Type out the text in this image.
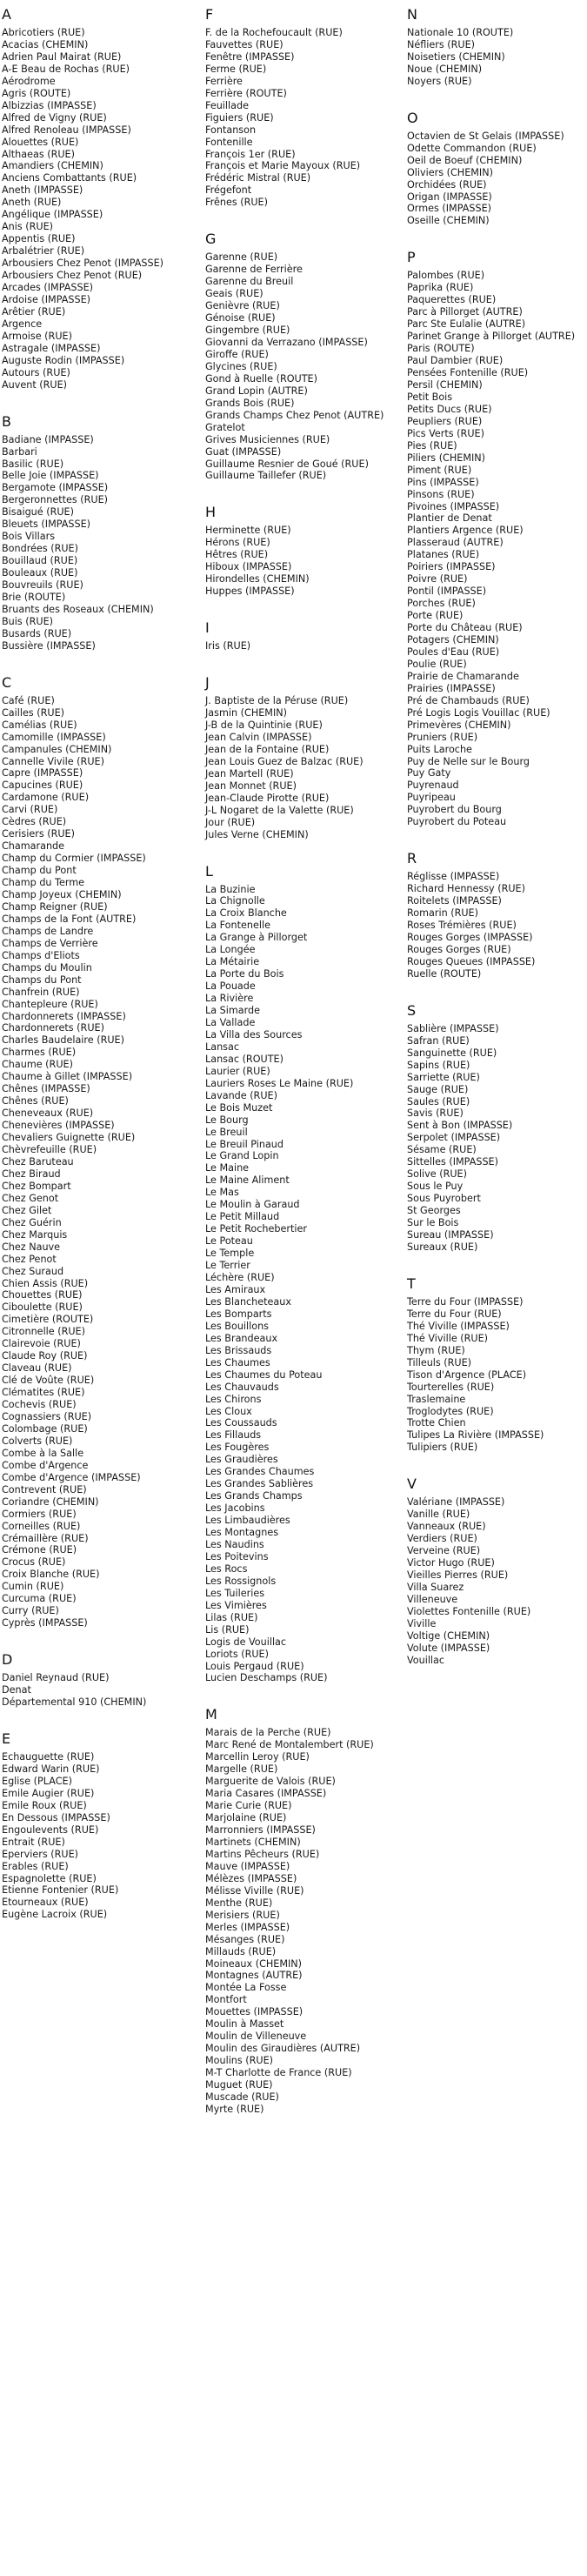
A
Abricotiers (RUE)
Acacias (CHEMIN)
Adrien Paul Mairat (RUE)
A-E Beau de Rochas (RUE)
Aérodrome
Agris (ROUTE)
Albizzias (IMPASSE)
Alfred de Vigny (RUE)
Alfred Renoleau (IMPASSE)
Alouettes (RUE)
Althaeas (RUE)
Amandiers (CHEMIN)
Anciens Combattants (RUE)
Aneth (IMPASSE)
Aneth (RUE)
Angélique (IMPASSE)
Anis (RUE)
Appentis (RUE)
Arbalétrier (RUE)
Arbousiers Chez Penot (IMPASSE)
Arbousiers Chez Penot (RUE)
Arcades (IMPASSE)
Ardoise (IMPASSE)
Arêtier (RUE)
Argence
Armoise (RUE)
Astragale (IMPASSE)
Auguste Rodin (IMPASSE)
Autours (RUE)
Auvent (RUE)
B
Badiane (IMPASSE)
Barbari
Basilic (RUE)
Belle Joie (IMPASSE)
Bergamote (IMPASSE)
Bergeronnettes (RUE)
Bisaigué (RUE)
Bleuets (IMPASSE)
Bois Villars
Bondrées (RUE)
Bouillaud (RUE)
Bouleaux (RUE)
Bouvreuils (RUE)
Brie (ROUTE)
Bruants des Roseaux (CHEMIN)
Buis (RUE)
Busards (RUE)
Bussière (IMPASSE)
C
Café (RUE)
Cailles (RUE)
Camélias (RUE)
Camomille (IMPASSE)
Campanules (CHEMIN)
Cannelle Vivile (RUE)
Capre (IMPASSE)
Capucines (RUE)
Cardamone (RUE)
Carvi (RUE)
Cèdres (RUE)
Cerisiers (RUE)
Chamarande
Champ du Cormier (IMPASSE)
Champ du Pont
Champ du Terme
Champ Joyeux (CHEMIN)
Champ Reigner (RUE)
Champs de la Font (AUTRE)
Champs de Landre
Champs de Verrière
Champs d'Eliots
Champs du Moulin
Champs du Pont
Chanfrein (RUE)
Chantepleure (RUE)
Chardonnerets (IMPASSE)
Chardonnerets (RUE)
Charles Baudelaire (RUE)
Charmes (RUE)
Chaume (RUE)
Chaume à Gillet (IMPASSE)
Chênes (IMPASSE)
Chênes (RUE)
Cheneveaux (RUE)
Chenevières (IMPASSE)
Chevaliers Guignette (RUE)
Chèvrefeuille (RUE)
Chez Baruteau
Chez Biraud
Chez Bompart
Chez Genot
Chez Gilet
Chez Guérin
Chez Marquis
Chez Nauve
Chez Penot
Chez Suraud
Chien Assis (RUE)
Chouettes (RUE)
Ciboulette (RUE)
Cimetière (ROUTE)
Citronnelle (RUE)
Clairevoie (RUE)
Claude Roy (RUE)
Claveau (RUE)
Clé de Voûte (RUE)
Clématites (RUE)
Cochevis (RUE)
Cognassiers (RUE)
Colombage (RUE)
Colverts (RUE)
Combe à la Salle
Combe d'Argence
Combe d'Argence (IMPASSE)
Contrevent (RUE)
Coriandre (CHEMIN)
Cormiers (RUE)
Corneilles (RUE)
Crémaillère (RUE)
Crémone (RUE)
Crocus (RUE)
Croix Blanche (RUE)
Cumin (RUE)
Curcuma (RUE)
Curry (RUE)
Cyprès (IMPASSE)
D
Daniel Reynaud (RUE)
Denat
Départemental 910 (CHEMIN)
E
Echauguette (RUE)
Edward Warin (RUE)
Eglise (PLACE)
Emile Augier (RUE)
Emile Roux (RUE)
En Dessous (IMPASSE)
Engoulevents (RUE)
Entrait (RUE)
Eperviers (RUE)
Erables (RUE)
Espagnolette (RUE)
Etienne Fontenier (RUE)
Etourneaux (RUE)
Eugène Lacroix (RUE)
F
F. de la Rochefoucault (RUE)
Fauvettes (RUE)
Fenêtre (IMPASSE)
Ferme (RUE)
Ferrière
Ferrière (ROUTE)
Feuillade
Figuiers (RUE)
Fontanson
Fontenille
François 1er (RUE)
François et Marie Mayoux (RUE)
Frédéric Mistral (RUE)
Frégefont
Frênes (RUE)
G
Garenne (RUE)
Garenne de Ferrière
Garenne du Breuil
Geais (RUE)
Genièvre (RUE)
Génoise (RUE)
Gingembre (RUE)
Giovanni da Verrazano (IMPASSE)
Giroffe (RUE)
Glycines (RUE)
Gond à Ruelle (ROUTE)
Grand Lopin (AUTRE)
Grands Bois (RUE)
Grands Champs Chez Penot (AUTRE)
Gratelot
Grives Musiciennes (RUE)
Guat (IMPASSE)
Guillaume Resnier de Goué (RUE)
Guillaume Taillefer (RUE)
H
Herminette (RUE)
Hérons (RUE)
Hêtres (RUE)
Hiboux (IMPASSE)
Hirondelles (CHEMIN)
Huppes (IMPASSE)
I
Iris (RUE)
J
J. Baptiste de la Péruse (RUE)
Jasmin (CHEMIN)
J-B de la Quintinie (RUE)
Jean Calvin (IMPASSE)
Jean de la Fontaine (RUE)
Jean Louis Guez de Balzac (RUE)
Jean Martell (RUE)
Jean Monnet (RUE)
Jean-Claude Pirotte (RUE)
J-L Nogaret de la Valette (RUE)
Jour (RUE)
Jules Verne (CHEMIN)
L
La Buzinie
La Chignolle
La Croix Blanche
La Fontenelle
La Grange à Pillorget
La Longée
La Métairie
La Porte du Bois
La Pouade
La Rivière
La Simarde
La Vallade
La Villa des Sources
Lansac
Lansac (ROUTE)
Laurier (RUE)
Lauriers Roses Le Maine (RUE)
Lavande (RUE)
Le Bois Muzet
Le Bourg
Le Breuil
Le Breuil Pinaud
Le Grand Lopin
Le Maine
Le Maine Aliment
Le Mas
Le Moulin à Garaud
Le Petit Millaud
Le Petit Rochebertier
Le Poteau
Le Temple
Le Terrier
Léchère (RUE)
Les Amiraux
Les Blancheteaux
Les Bomparts
Les Bouillons
Les Brandeaux
Les Brissauds
Les Chaumes
Les Chaumes du Poteau
Les Chauvauds
Les Chirons
Les Cloux
Les Coussauds
Les Fillauds
Les Fougères
Les Graudières
Les Grandes Chaumes
Les Grandes Sablières
Les Grands Champs
Les Jacobins
Les Limbaudières
Les Montagnes
Les Naudins
Les Poitevins
Les Rocs
Les Rossignols
Les Tuileries
Les Vimières
Lilas (RUE)
Lis (RUE)
Logis de Vouillac
Loriots (RUE)
Louis Pergaud (RUE)
Lucien Deschamps (RUE)
M
Marais de la Perche (RUE)
Marc René de Montalembert (RUE)
Marcellin Leroy (RUE)
Margelle (RUE)
Marguerite de Valois (RUE)
Maria Casares (IMPASSE)
Marie Curie (RUE)
Marjolaine (RUE)
Marronniers (IMPASSE)
Martinets (CHEMIN)
Martins Pêcheurs (RUE)
Mauve (IMPASSE)
Mélèzes (IMPASSE)
Mélisse Viville (RUE)
Menthe (RUE)
Merisiers (RUE)
Merles (IMPASSE)
Mésanges (RUE)
Millauds (RUE)
Moineaux (CHEMIN)
Montagnes (AUTRE)
Montée La Fosse
Montfort
Mouettes (IMPASSE)
Moulin à Masset
Moulin de Villeneuve
Moulin des Giraudières (AUTRE)
Moulins (RUE)
M-T Charlotte de France (RUE)
Muguet (RUE)
Muscade (RUE)
Myrte (RUE)
N
Nationale 10 (ROUTE)
Néfliers (RUE)
Noisetiers (CHEMIN)
Noue (CHEMIN)
Noyers (RUE)
O
Octavien de St Gelais (IMPASSE)
Odette Commandon (RUE)
Oeil de Boeuf (CHEMIN)
Oliviers (CHEMIN)
Orchidées (RUE)
Origan (IMPASSE)
Ormes (IMPASSE)
Oseille (CHEMIN)
P
Palombes (RUE)
Paprika (RUE)
Paquerettes (RUE)
Parc à Pillorget (AUTRE)
Parc Ste Eulalie (AUTRE)
Parinet Grange à Pillorget (AUTRE)
Paris (ROUTE)
Paul Dambier (RUE)
Pensées Fontenille (RUE)
Persil (CHEMIN)
Petit Bois
Petits Ducs (RUE)
Peupliers (RUE)
Pics Verts (RUE)
Pies (RUE)
Piliers (CHEMIN)
Piment (RUE)
Pins (IMPASSE)
Pinsons (RUE)
Pivoines (IMPASSE)
Plantier de Denat
Plantiers Argence (RUE)
Plasseraud (AUTRE)
Platanes (RUE)
Poiriers (IMPASSE)
Poivre (RUE)
Pontil (IMPASSE)
Porches (RUE)
Porte (RUE)
Porte du Château (RUE)
Potagers (CHEMIN)
Poules d'Eau (RUE)
Poulie (RUE)
Prairie de Chamarande
Prairies (IMPASSE)
Pré de Chambauds (RUE)
Pré Logis Logis Vouillac (RUE)
Primevères (CHEMIN)
Pruniers (RUE)
Puits Laroche
Puy de Nelle sur le Bourg
Puy Gaty
Puyrenaud
Puyripeau
Puyrobert du Bourg
Puyrobert du Poteau
R
Réglisse (IMPASSE)
Richard Hennessy (RUE)
Roitelets (IMPASSE)
Romarin (RUE)
Roses Trémières (RUE)
Rouges Gorges (IMPASSE)
Rouges Gorges (RUE)
Rouges Queues (IMPASSE)
Ruelle (ROUTE)
S
Sablière (IMPASSE)
Safran (RUE)
Sanguinette (RUE)
Sapins (RUE)
Sarriette (RUE)
Sauge (RUE)
Saules (RUE)
Savis (RUE)
Sent à Bon (IMPASSE)
Serpolet (IMPASSE)
Sésame (RUE)
Sittelles (IMPASSE)
Solive (RUE)
Sous le Puy
Sous Puyrobert
St Georges
Sur le Bois
Sureau (IMPASSE)
Sureaux (RUE)
T
Terre du Four (IMPASSE)
Terre du Four (RUE)
Thé Viville (IMPASSE)
Thé Viville (RUE)
Thym (RUE)
Tilleuls (RUE)
Tison d'Argence (PLACE)
Tourterelles (RUE)
Traslemaine
Troglodytes (RUE)
Trotte Chien
Tulipes La Rivière (IMPASSE)
Tulipiers (RUE)
V
Valériane (IMPASSE)
Vanille (RUE)
Vanneaux (RUE)
Verdiers (RUE)
Verveine (RUE)
Victor Hugo (RUE)
Vieilles Pierres (RUE)
Villa Suarez
Villeneuve
Violettes Fontenille (RUE)
Viville
Voltige (CHEMIN)
Volute (IMPASSE)
Vouillac
